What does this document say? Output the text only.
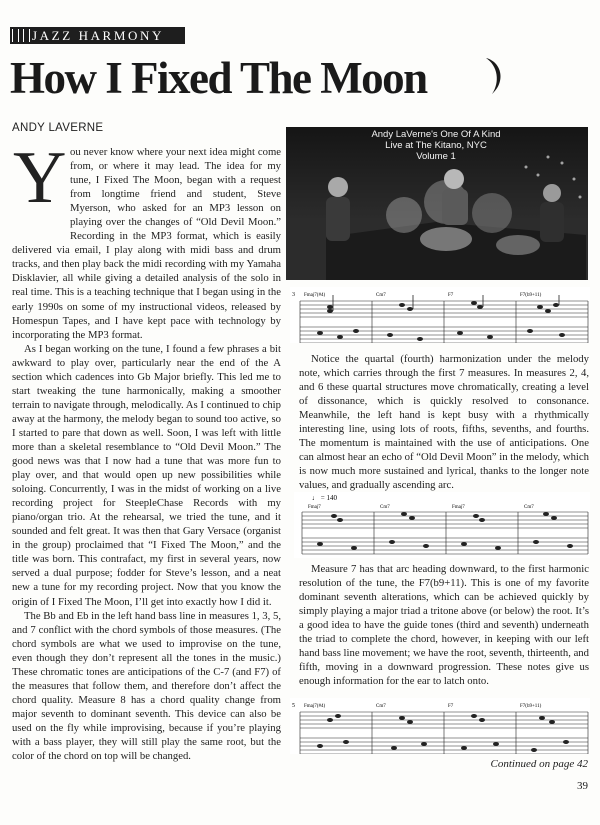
JAZZ HARMONY
How I Fixed The Moon
ANDY LAVERNE
Y ou never know where your next idea might come from, or where it may lead. The idea for my tune, I Fixed The Moon, began with a request from longtime friend and student, Steve Myerson, who asked for an MP3 lesson on playing over the changes of “Old Devil Moon.” Recording in the MP3 format, which is easily delivered via email, I play along with midi bass and drum tracks, and then play back the midi recording with my Yamaha Disklavier, all while giving a detailed analysis of the solo in real time. This is a teaching technique that I began using in the early 1990s on some of my instructional videos, released by Homespun Tapes, and I have kept pace with technology by incorporating the MP3 format.

As I began working on the tune, I found a few phrases a bit awkward to play over, particularly near the end of the A section which cadences into Gb Major briefly. This led me to start tweaking the tune harmonically, making a smoother terrain to navigate through, melodically. As I continued to chip away at the harmony, the melody began to sound too active, so I started to pare that down as well. Soon, I was left with little more than a skeletal resemblance to “Old Devil Moon.” The good news was that I now had a tune that was more fun to play over, and that would open up new possibilities while soloing. Concurrently, I was in the midst of working on a live recording project for SteepleChase Records with my piano/organ trio. At the rehearsal, we tried the tune, and it sounded and felt great. It was then that Gary Versace (organist in the group) proclaimed that “I Fixed The Moon,” and the title was born. This contrafact, my first in several years, now served a dual purpose; fodder for Steve’s lesson, and a neat new a tune for my recording project. Now that you know the origin of I Fixed The Moon, I’ll get into exactly how I did it.

The Bb and Eb in the left hand bass line in measures 1, 3, 5, and 7 conflict with the chord symbols of those measures. (The chord symbols are what we used to improvise on the tune, even though they don’t represent all the tones in the music.) These chromatic tones are anticipations of the C-7 (and F7) of the measures that follow them, and therefore don’t affect the chord quality. Measure 8 has a chord quality change from major seventh to dominant seventh. This device can also be used on the fly while improvising, because if you’re playing with a bass player, they will still play the same root, but the color of the chord on top will be changed.

Andy LaVerne's One Of A Kind
Live at The Kitano, NYC
Volume 1
3 Fmaj7(#4)	Cm7	F7	F7(b9+11)

Notice the quartal (fourth) harmonization under the melody note, which carries through the first 7 measures. In measures 2, 4, and 6 these quartal structures move chromatically, creating a level of dissonance, which is quickly resolved to consonance. Meanwhile, the left hand is kept busy with a rhythmically interesting line, using lots of roots, fifths, sevenths, and fourths. The momentum is maintained with the use of anticipations. One can almost hear an echo of “Old Devil Moon” in the melody, which is now much more sustained and lyrical, thanks to the longer note values, and gradually ascending arc.

♩ = 140
Fmaj7	Cm7	Fmaj7	Cm7

Measure 7 has that arc heading downward, to the first harmonic resolution of the tune, the F7(b9+11). This is one of my favorite dominant seventh alterations, which can be achieved quickly by simply playing a major triad a tritone above (or below) the root. It’s a good idea to have the guide tones (third and seventh) underneath the triad to complete the chord, however, in keeping with our left hand bass line movement; we have the root, seventh, thirteenth, and fifth, moving in a downward progression. These notes give us enough information for the ear to latch onto.

5 Fmaj7(#4)	Cm7	F7	F7(b9+11)
Continued on page 42
39
